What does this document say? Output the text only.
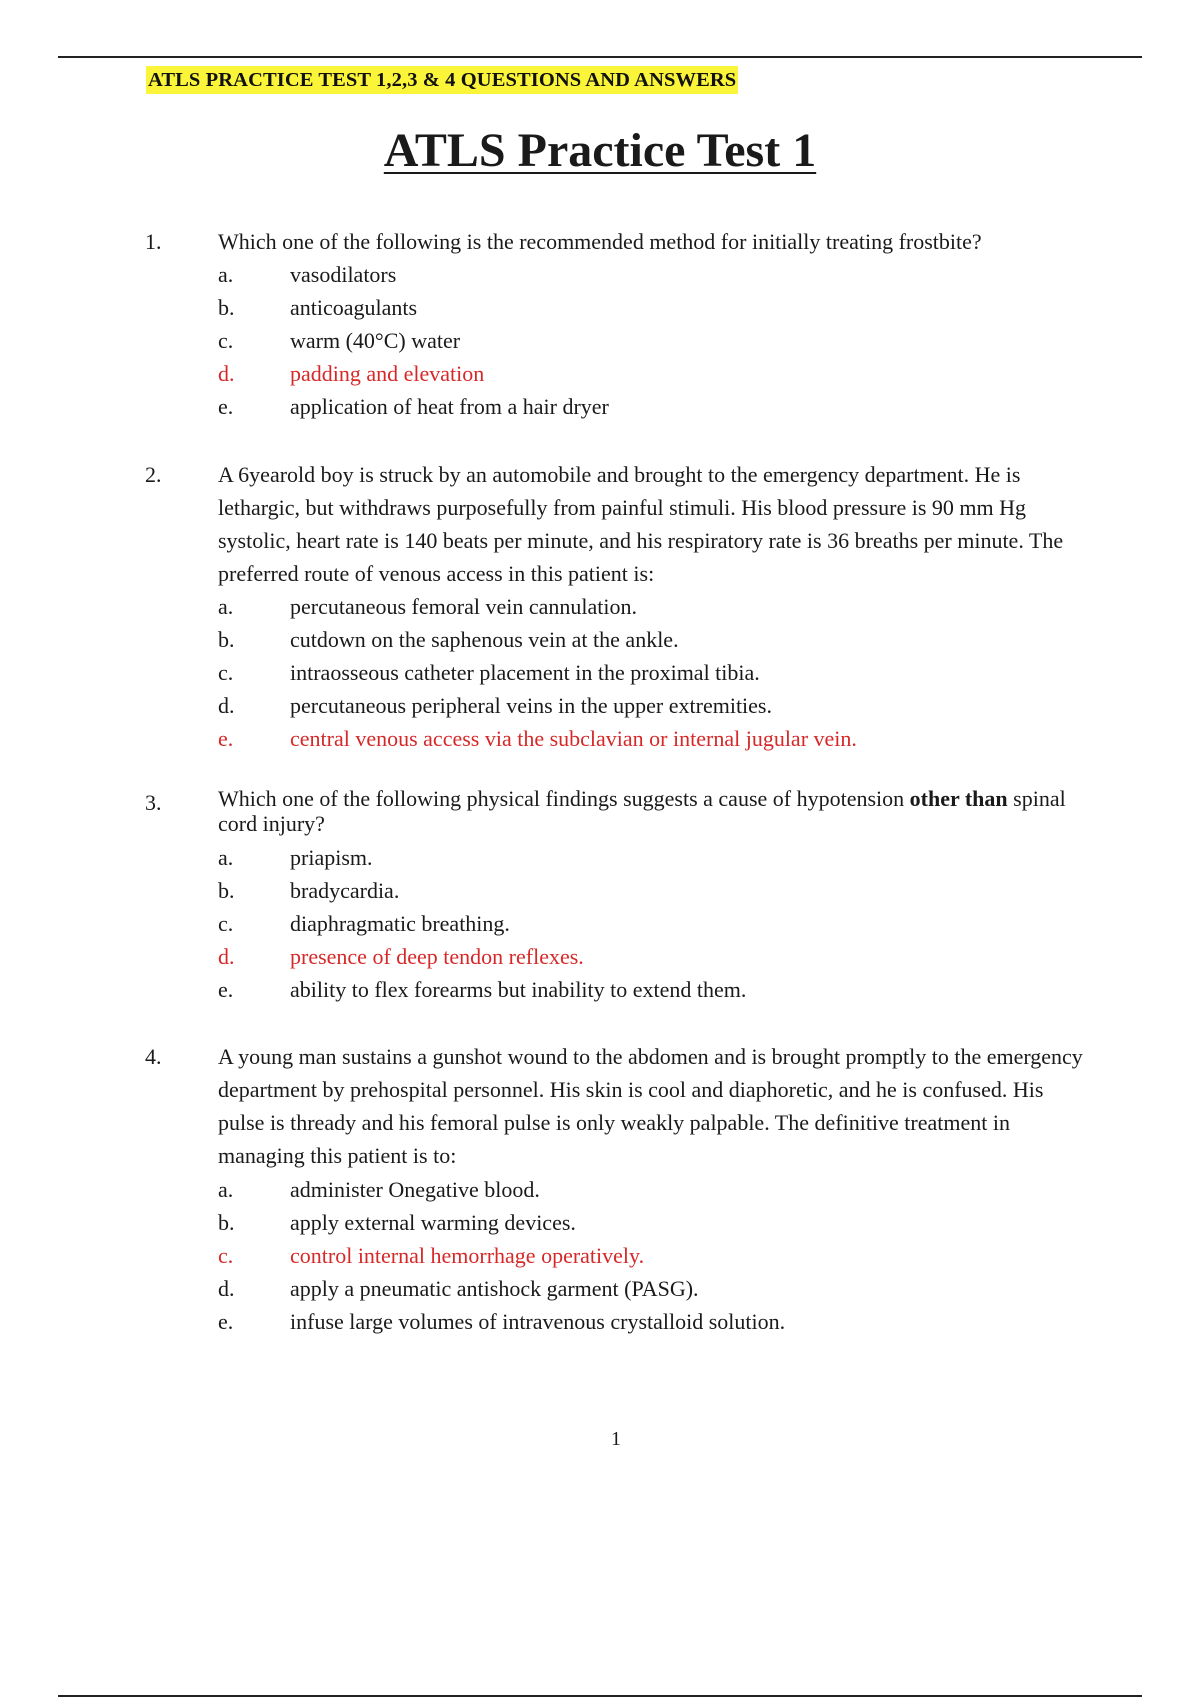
ATLS PRACTICE TEST 1,2,3 & 4 QUESTIONS AND ANSWERS
ATLS Practice Test 1
1.	Which one of the following is the recommended method for initially treating frostbite?
a.	vasodilators
b.	anticoagulants
c.	warm (40°C) water
d.	padding and elevation
e.	application of heat from a hair dryer
2.	A 6yearold boy is struck by an automobile and brought to the emergency department. He is lethargic, but withdraws purposefully from painful stimuli. His blood pressure is 90 mm Hg systolic, heart rate is 140 beats per minute, and his respiratory rate is 36 breaths per minute. The preferred route of venous access in this patient is:
a.	percutaneous femoral vein cannulation.
b.	cutdown on the saphenous vein at the ankle.
c.	intraosseous catheter placement in the proximal tibia.
d.	percutaneous peripheral veins in the upper extremities.
e.	central venous access via the subclavian or internal jugular vein.
3.	Which one of the following physical findings suggests a cause of hypotension other than spinal cord injury?
a.	priapism.
b.	bradycardia.
c.	diaphragmatic breathing.
d.	presence of deep tendon reflexes.
e.	ability to flex forearms but inability to extend them.
4.	A young man sustains a gunshot wound to the abdomen and is brought promptly to the emergency department by prehospital personnel. His skin is cool and diaphoretic, and he is confused. His pulse is thready and his femoral pulse is only weakly palpable. The definitive treatment in managing this patient is to:
a.	administer Onegative blood.
b.	apply external warming devices.
c.	control internal hemorrhage operatively.
d.	apply a pneumatic antishock garment (PASG).
e.	infuse large volumes of intravenous crystalloid solution.
1
